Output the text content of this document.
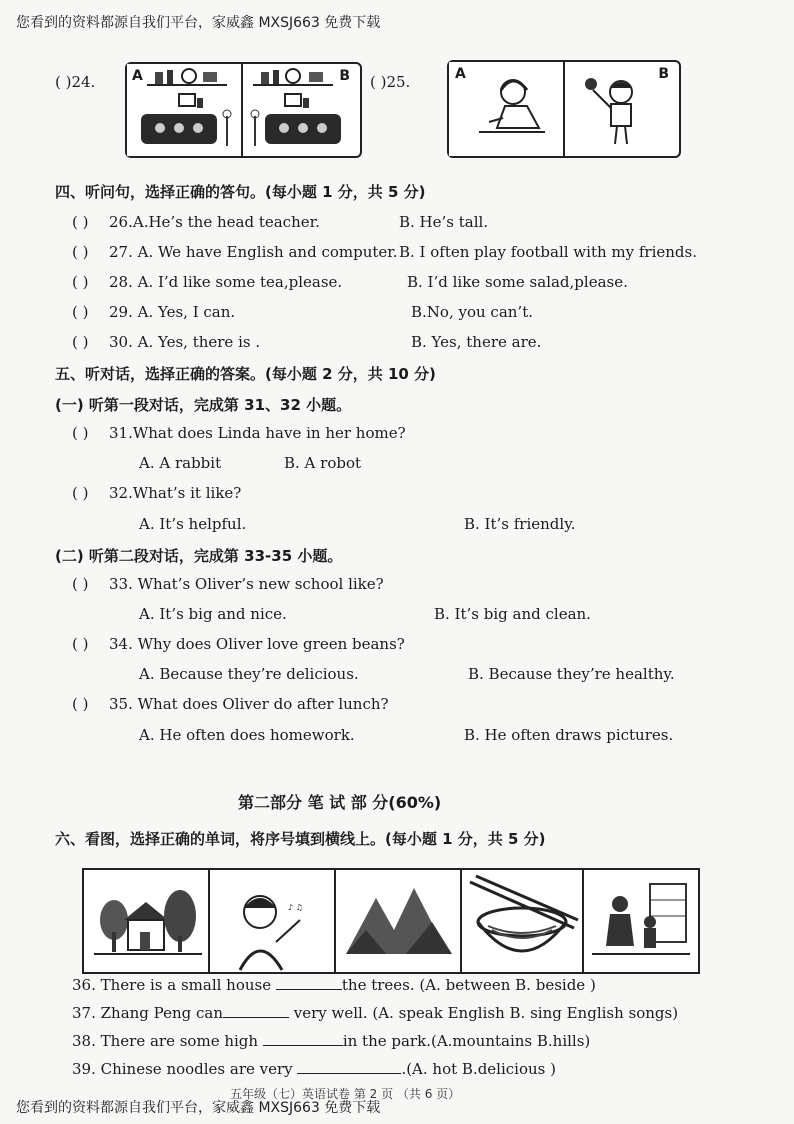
您看到的资料都源自我们平台，家威鑫 MXSJ663 免费下载
( )24.	A	B ( )25.	A	B
四、听问句，选择正确的答句。(每小题 1 分，共 5 分)
( ) 26.A.He’s the head teacher.	B. He’s tall.
( ) 27. A. We have English and computer. B. I often play football with my friends.
( ) 28. A. I’d like some tea,please.	B. I’d like some salad,please.
( ) 29. A. Yes, I can.	B.No, you can’t.
( ) 30. A. Yes, there is .	B. Yes, there are.
五、听对话，选择正确的答案。(每小题 2 分，共 10 分)
(一) 听第一段对话，完成第 31、32 小题。
( ) 31.What does Linda have in her home?
A. A rabbit	B. A robot
( ) 32.What’s it like?
A. It’s helpful.	B. It’s friendly.
(二) 听第二段对话，完成第 33-35 小题。
( ) 33. What’s Oliver’s new school like?
A. It’s big and nice.	B. It’s big and clean.
( ) 34. Why does Oliver love green beans?
A. Because they’re delicious.	B. Because they’re healthy.
( ) 35. What does Oliver do after lunch?
A. He often does homework.	B. He often draws pictures.
第二部分 笔 试 部 分(60%)
六、看图，选择正确的单词，将序号填到横线上。(每小题 1 分，共 5 分)
♪ ♫
36. There is a small house	the trees. (A. between B. beside )
37. Zhang Peng can	very well. (A. speak English B. sing English songs)
38. There are some high	in the park.(A.mountains B.hills)
39. Chinese noodles are very	.(A. hot B.delicious )
五年级（七）英语试卷 第 2 页 （共 6 页）
您看到的资料都源自我们平台，家威鑫 MXSJ663 免费下载
